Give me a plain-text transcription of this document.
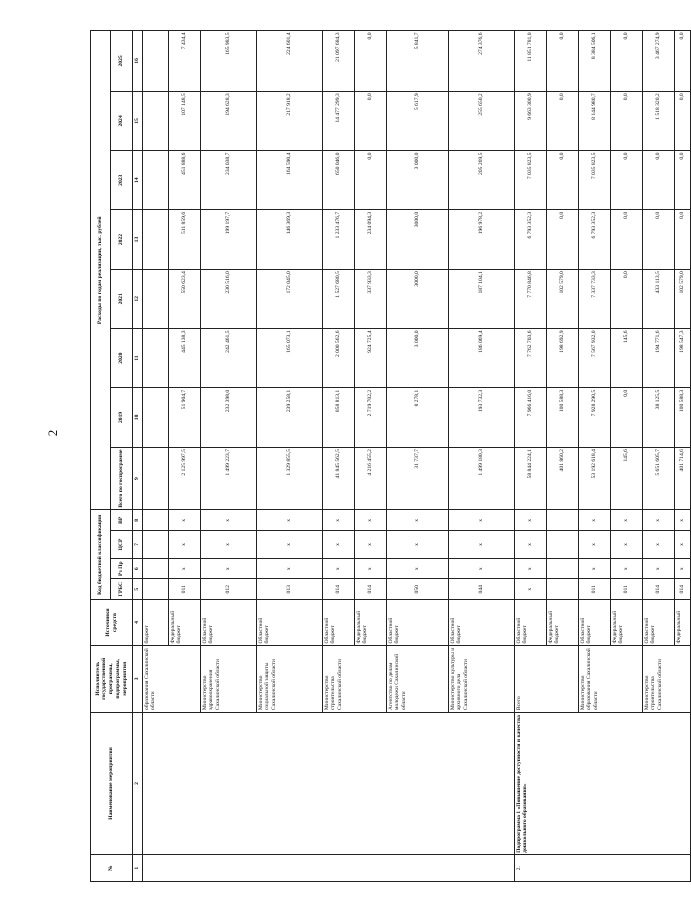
2
№	Наименование мероприятия	Исполнитель государственной программы, подпрограммы, мероприятия	Источники средств	Код бюджетной классификации				Расходы по годам реализации, тыс. рублей							
				ГРБС	Рз Пр	ЦСР	ВР	Всего по госпрограмме	2019	2020	2021	2022	2023	2024	2025
1	2	3	4	5	6	7	8	9	10	11	12	13	14	15	16
		образования Сахалинской области	бюджет												
			Федеральный бюджет	011	x	x	x	2 125 997,5	51 904,7	445 138,3	550 623,4	511 859,6	451 888,6	107 148,5	7 434,4
		Министерство здравоохранения Сахалинской области	Областной бюджет	012	x	x	x	1 499 223,7	232 398,0	242 461,5	230 516,0	199 197,7	234 038,7	194 628,3	165 983,5
		Министерство социальной защиты Сахалинской области	Областной бюджет	013	x	x	x	1 329 855,5	239 258,1	165 073,1	172 045,0	146 369,3	164 590,4	217 918,2	224 601,4
		Министерство строительства Сахалинской области	Областной бюджет	014	x	x	x	41 845 562,5	858 813,1	2 000 562,6	1 527 680,5	1 233 476,7	650 046,0	14 477 299,3	21 097 684,3
			Федеральный бюджет	014	x	x	x	4 216 455,2	2 719 702,2	924 725,4	337 933,3	234 094,3	0,0	0,0	0,0
		Агентство по делам молодежи Сахалинской области	Областной бюджет	050	x	x	x	31 737,7	8 278,1	3 000,0	3000,0	3000,0	3 000,0	5 617,9	5 841,7
		Министерство культуры и архивного дела Сахалинской области	Областной бюджет	044	x	x	x	1 499 180,3	193 732,3	186 069,4	187 104,1	196 978,2	205 269,5	255 650,2	274 376,6
2.	Подпрограмма 1 «Повышение доступности и качества дошкольного образования»	Всего	Областной бюджет	x	x	x	x	58 844 224,1	7 966 416,0	7 762 703,6	7 770 846,8	6 793 352,3	7 035 823,5	9 663 300,9	11 851 781,0
			Федеральный бюджет					401 860,2	100 588,3	198 692,9	102 579,0	0,0	0,0	0,0	0,0
		Министерство образования Сахалинской области	Областной бюджет	011	x	x	x	53 192 618,4	7 928 290,5	7 567 932,0	7 337 733,3	6 793 352,3	7 035 823,5	8 144 980,7	8 384 506,1
			Федеральный бюджет	011	x	x	x	145,6	0,0	145,6	0,0	0,0	0,0	0,0	0,0
		Министерство строительства Сахалинской области	Областной бюджет	014	x	x	x	5 651 605,7	38 125,5	194 771,6	433 113,5	0,0	0,0	1 518 320,2	3 467 274,9
			Федеральный	014	x	x	x	401 714,6	100 588,3	198 547,3	102 579,0	0,0	0,0	0,0	0,0
